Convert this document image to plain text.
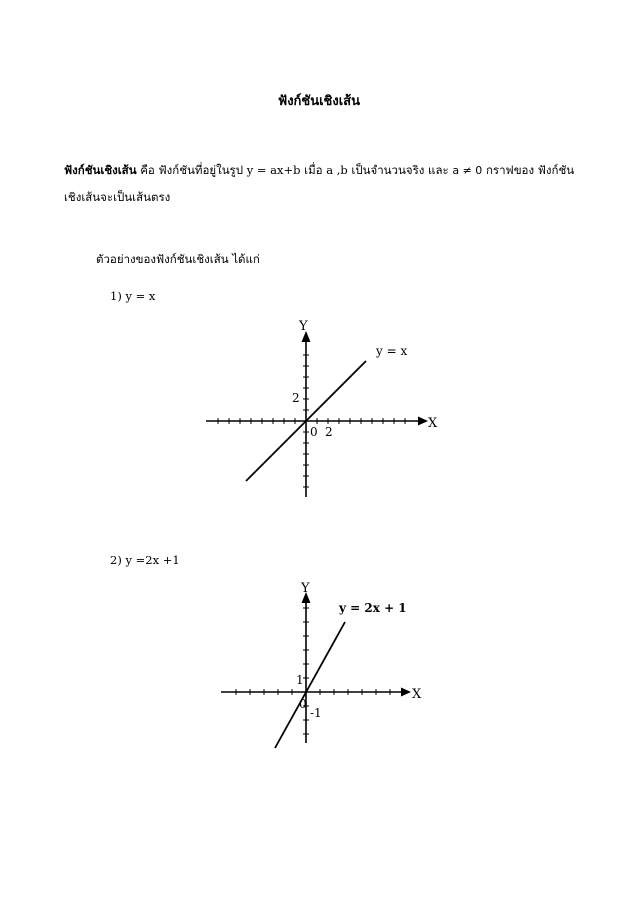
ฟังก์ชันเชิงเส้น
ฟังก์ชันเชิงเส้น คือ ฟังก์ชันที่อยู่ในรูป y = ax+b เมื่อ a ,b เป็นจำนวนจริง และ a ≠ 0 กราฟของ ฟังก์ชันเชิงเส้นจะเป็นเส้นตรง
ตัวอย่างของฟังก์ชันเชิงเส้น ได้แก่
1) y = x
Y
X
0 2
2
y = x
2) y =2x +1
Y
X
0
1
-1
y = 2x + 1
